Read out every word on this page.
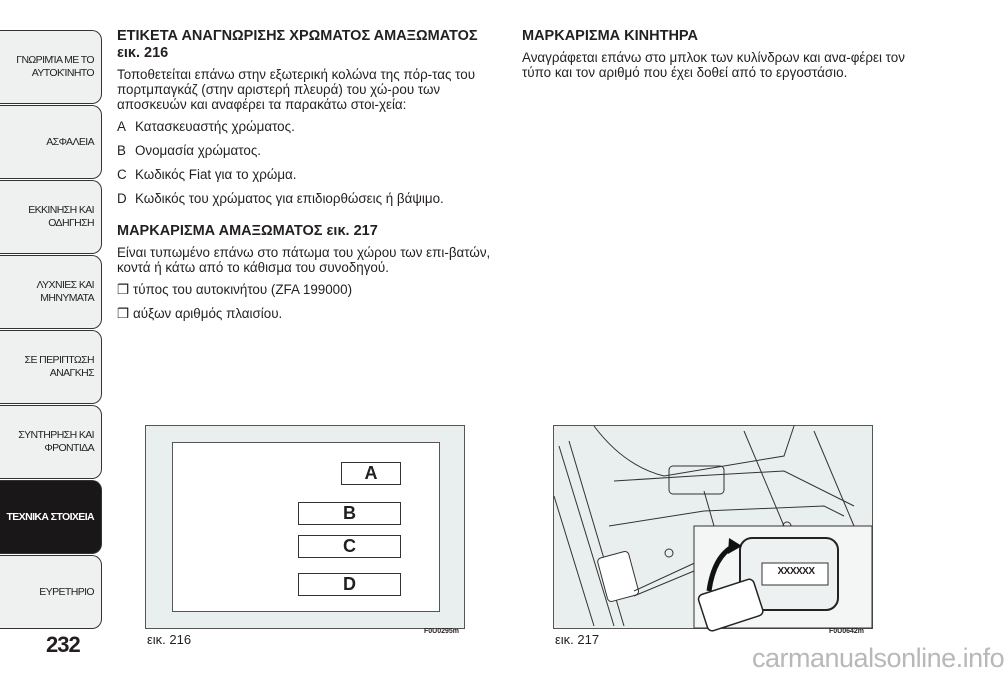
ΓΝΩΡΙΜΊΑ ΜΕ ΤΟ ΑΥΤΟΚΊΝΗΤΟ
ΑΣΦΑΛΕΙΑ
ΕΚΚΙΝΗΣΗ ΚΑΙ ΟΔΗΓΗΣΗ
ΛΥΧΝΙΕΣ ΚΑΙ ΜΗΝΥΜΑΤΑ
ΣΕ ΠΕΡΙΠΤΩΣΗ ΑΝΑΓΚΗΣ
ΣΥΝΤΗΡΗΣΗ ΚΑΙ ΦΡΟΝΤΙΔΑ
ΤΕΧΝΙΚΑ ΣΤΟΙΧΕΙΑ
ΕΥΡΕΤΗΡΙΟ
232
ΕΤΙΚΕΤΑ ΑΝΑΓΝΩΡΙΣΗΣ ΧΡΩΜΑΤΟΣ ΑΜΑΞΩΜΑΤΟΣ εικ. 216

Τοποθετείται επάνω στην εξωτερική κολώνα της πόρ-τας του πορτμπαγκάζ (στην αριστερή πλευρά) του χώ-ρου των αποσκευών και αναφέρει τα παρακάτω στοι-χεία:

A Κατασκευαστής χρώματος.
B Ονομασία χρώματος.
C Κωδικός Fiat για το χρώμα.
D Κωδικός του χρώματος για επιδιορθώσεις ή βάψιμο.
ΜΑΡΚΑΡΙΣΜΑ ΑΜΑΞΩΜΑΤΟΣ εικ. 217

Είναι τυπωμένο επάνω στο πάτωμα του χώρου των επι-βατών, κοντά ή κάτω από το κάθισμα του συνοδηγού.

❒ τύπος του αυτοκινήτου (ZFA 199000)
❒ αύξων αριθμός πλαισίου.
ΜΑΡΚΑΡΙΣΜΑ ΚΙΝΗΤΗΡΑ

Αναγράφεται επάνω στο μπλοκ των κυλίνδρων και ανα-φέρει τον τύπο και τον αριθμό που έχει δοθεί από το εργοστάσιο.

A
B
C
D
εικ. 216
F0U0295m
XXXXXX
εικ. 217
F0U0642m
carmanualsonline.info
